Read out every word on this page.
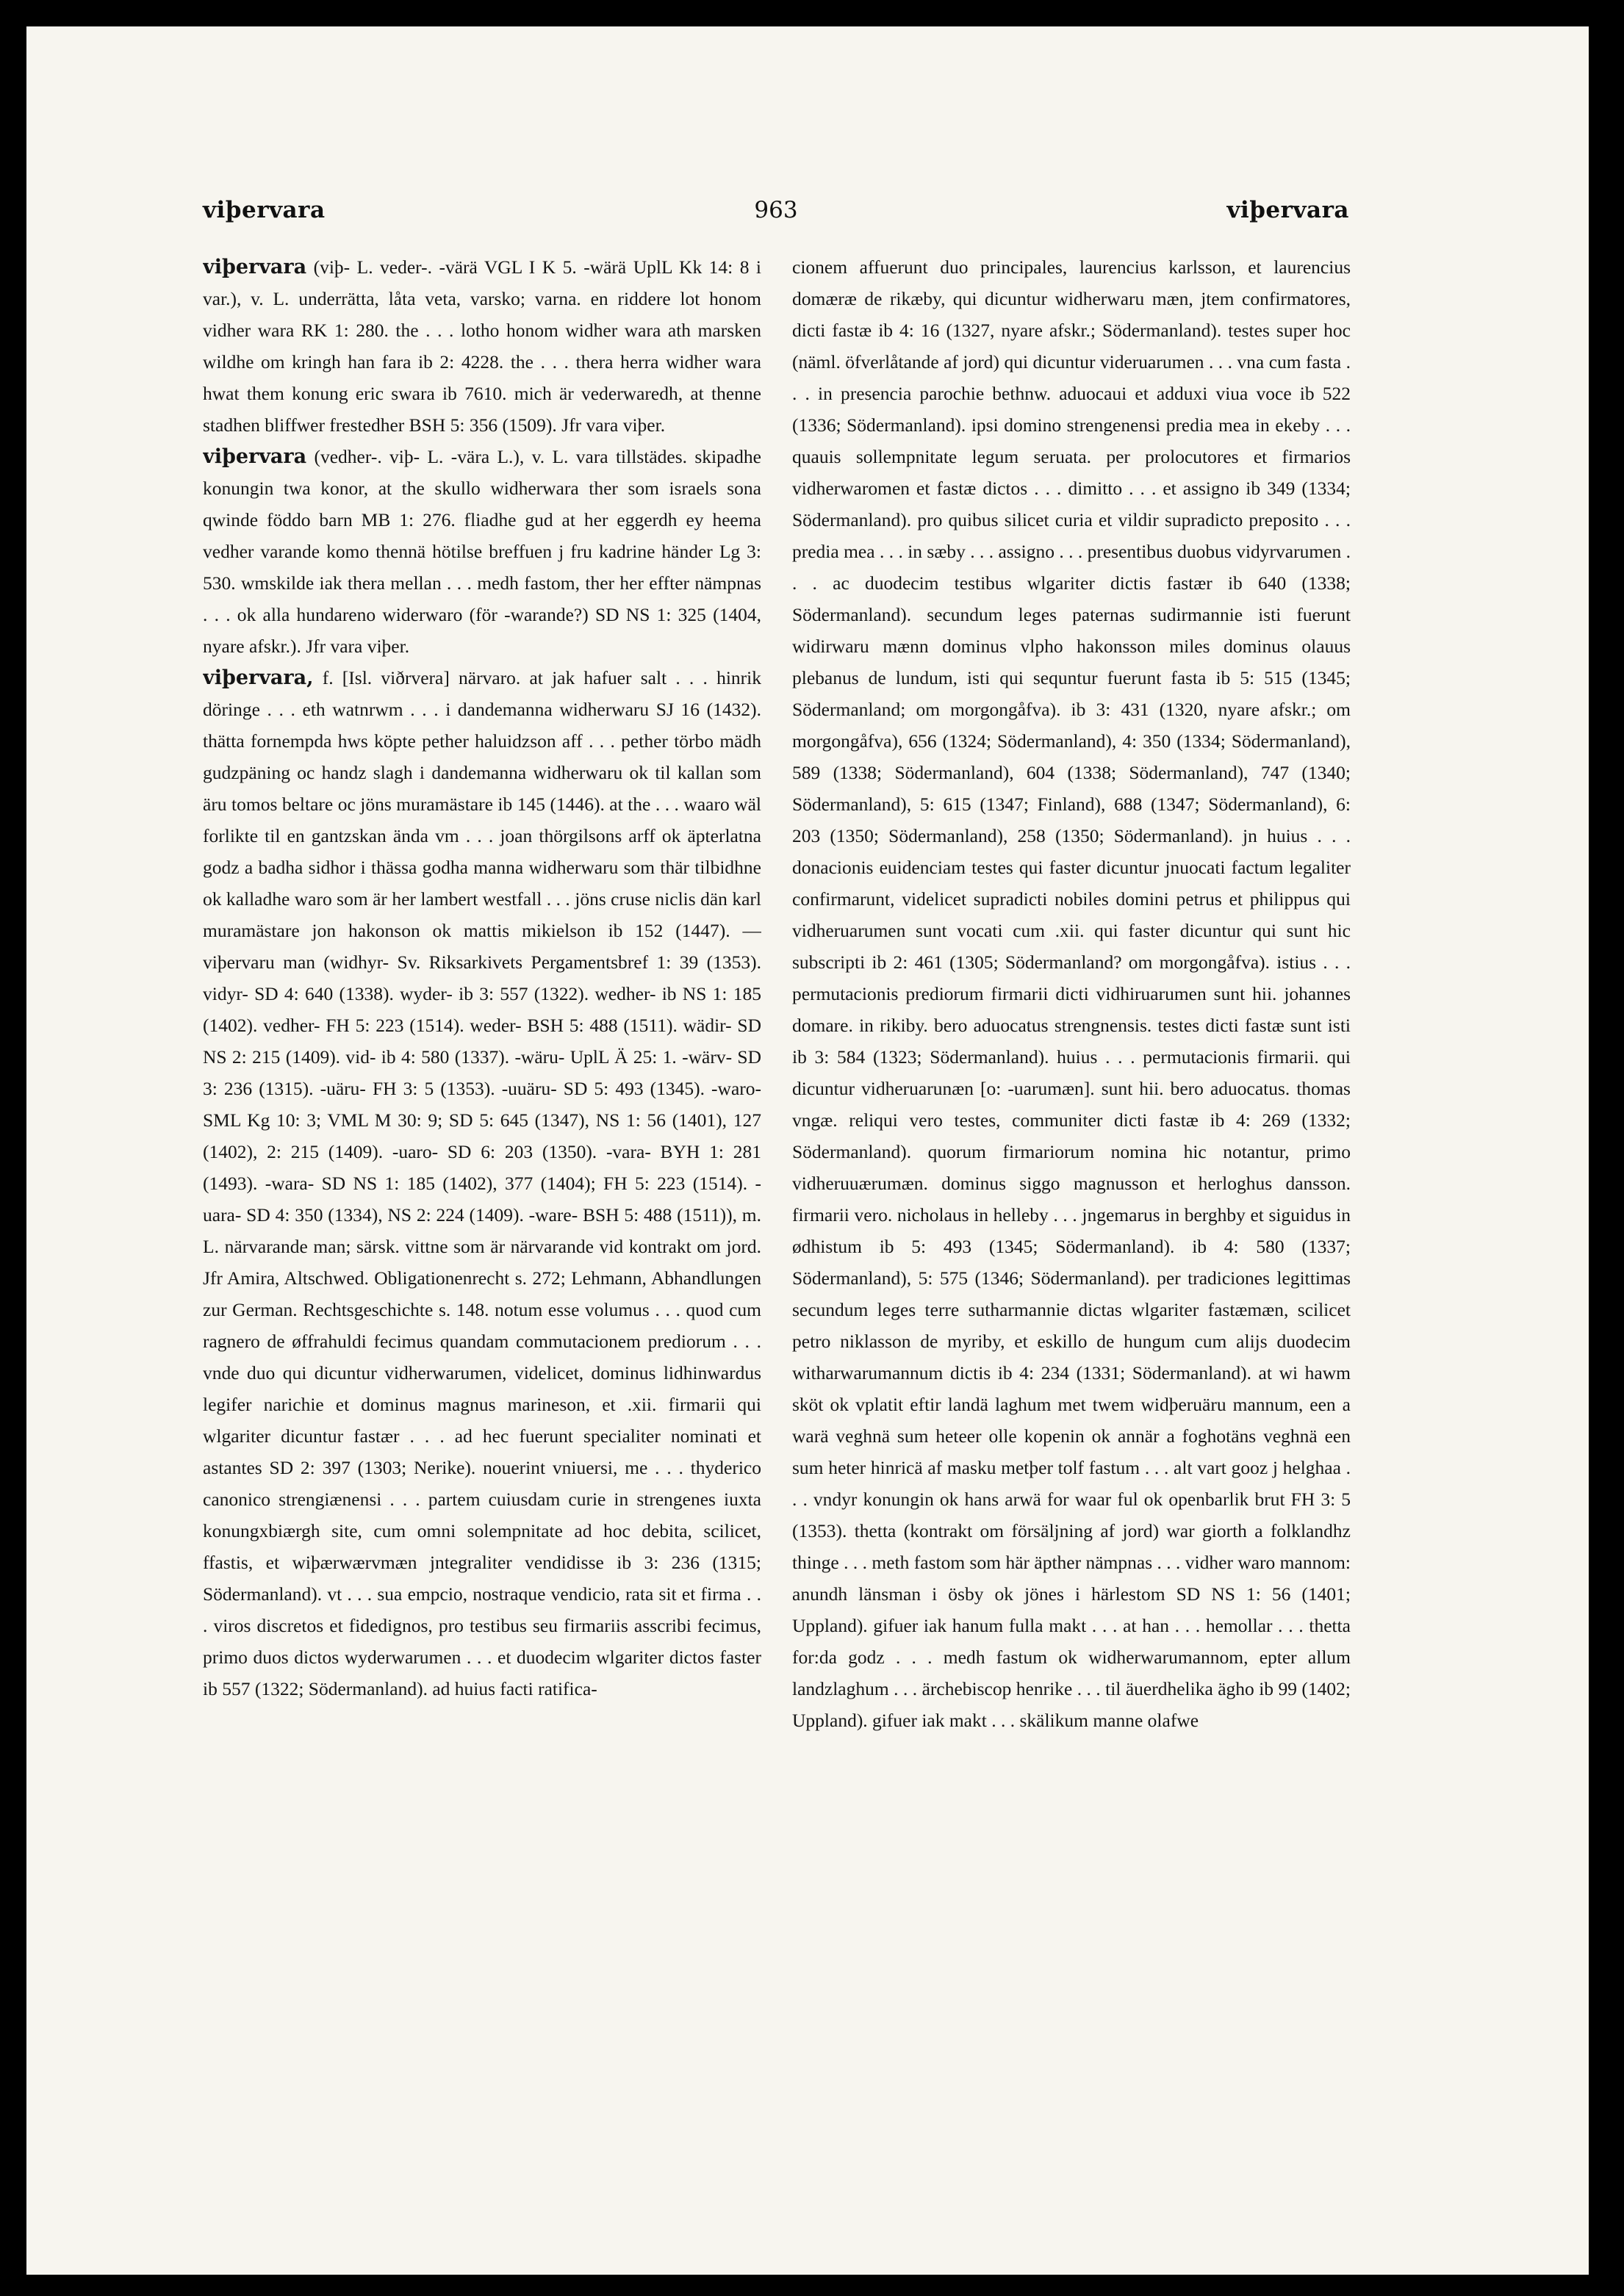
viþervara	963	viþervara

viþervara (viþ- L. veder-. -värä VGL I K 5. -wärä UplL Kk 14: 8 i var.), v. L. underrätta, låta veta, varsko; varna. en riddere lot honom vidher wara RK 1: 280. the . . . lotho honom widher wara ath marsken wildhe om kringh han fara ib 2: 4228. the . . . thera herra widher wara hwat them konung eric swara ib 7610. mich är vederwaredh, at thenne stadhen bliffwer frestedher BSH 5: 356 (1509). Jfr vara viþer.

viþervara (vedher-. viþ- L. -vära L.), v. L. vara tillstädes. skipadhe konungin twa konor, at the skullo widherwara ther som israels sona qwinde föddo barn MB 1: 276. fliadhe gud at her eggerdh ey heema vedher varande komo thennä hötilse breffuen j fru kadrine händer Lg 3: 530. wmskilde iak thera mellan . . . medh fastom, ther her effter nämpnas . . . ok alla hundareno widerwaro (för -warande?) SD NS 1: 325 (1404, nyare afskr.). Jfr vara viþer.

viþervara, f. [Isl. viðrvera] närvaro. at jak hafuer salt . . . hinrik döringe . . . eth watnrwm . . . i dandemanna widherwaru SJ 16 (1432). thätta fornempda hws köpte pether haluidzson aff . . . pether törbo mädh gudzpäning oc handz slagh i dandemanna widherwaru ok til kallan som äru tomos beltare oc jöns muramästare ib 145 (1446). at the . . . waaro wäl forlikte til en gantzskan ända vm . . . joan thörgilsons arff ok äpterlatna godz a badha sidhor i thässa godha manna widherwaru som thär tilbidhne ok kalladhe waro som är her lambert westfall . . . jöns cruse niclis dän karl muramästare jon hakonson ok mattis mikielson ib 152 (1447). — viþervaru man (widhyr- Sv. Riksarkivets Pergamentsbref 1: 39 (1353). vidyr- SD 4: 640 (1338). wyder- ib 3: 557 (1322). wedher- ib NS 1: 185 (1402). vedher- FH 5: 223 (1514). weder- BSH 5: 488 (1511). wädir- SD NS 2: 215 (1409). vid- ib 4: 580 (1337). -wäru- UplL Ä 25: 1. -wärv- SD 3: 236 (1315). -uäru- FH 3: 5 (1353). -uuäru- SD 5: 493 (1345). -waro- SML Kg 10: 3; VML M 30: 9; SD 5: 645 (1347), NS 1: 56 (1401), 127 (1402), 2: 215 (1409). -uaro- SD 6: 203 (1350). -vara- BYH 1: 281 (1493). -wara- SD NS 1: 185 (1402), 377 (1404); FH 5: 223 (1514). -uara- SD 4: 350 (1334), NS 2: 224 (1409). -ware- BSH 5: 488 (1511)), m. L. närvarande man; särsk. vittne som är närvarande vid kontrakt om jord. Jfr Amira, Altschwed. Obligationenrecht s. 272; Lehmann, Abhandlungen zur German. Rechtsgeschichte s. 148. notum esse volumus . . . quod cum ragnero de øffrahuldi fecimus quandam commutacionem prediorum . . . vnde duo qui dicuntur vidherwarumen, videlicet, dominus lidhinwardus legifer narichie et dominus magnus marineson, et .xii. firmarii qui wlgariter dicuntur fastær . . . ad hec fuerunt specialiter nominati et astantes SD 2: 397 (1303; Nerike). nouerint vniuersi, me . . . thyderico canonico strengiænensi . . . partem cuiusdam curie in strengenes iuxta konungxbiærgh site, cum omni solempnitate ad hoc debita, scilicet, ffastis, et wiþærwærvmæn jntegraliter vendidisse ib 3: 236 (1315; Södermanland). vt . . . sua empcio, nostraque vendicio, rata sit et firma . . . viros discretos et fidedignos, pro testibus seu firmariis asscribi fecimus, primo duos dictos wyderwarumen . . . et duodecim wlgariter dictos faster ib 557 (1322; Södermanland). ad huius facti ratifica-

cionem affuerunt duo principales, laurencius karlsson, et laurencius domæræ de rikæby, qui dicuntur widherwaru mæn, jtem confirmatores, dicti fastæ ib 4: 16 (1327, nyare afskr.; Södermanland). testes super hoc (näml. öfverlåtande af jord) qui dicuntur videruarumen . . . vna cum fasta . . . in presencia parochie bethnw. aduocaui et adduxi viua voce ib 522 (1336; Södermanland). ipsi domino strengenensi predia mea in ekeby . . . quauis sollempnitate legum seruata. per prolocutores et firmarios vidherwaromen et fastæ dictos . . . dimitto . . . et assigno ib 349 (1334; Södermanland). pro quibus silicet curia et vildir supradicto preposito . . . predia mea . . . in sæby . . . assigno . . . presentibus duobus vidyrvarumen . . . ac duodecim testibus wlgariter dictis fastær ib 640 (1338; Södermanland). secundum leges paternas sudirmannie isti fuerunt widirwaru mænn dominus vlpho hakonsson miles dominus olauus plebanus de lundum, isti qui sequntur fuerunt fasta ib 5: 515 (1345; Södermanland; om morgongåfva). ib 3: 431 (1320, nyare afskr.; om morgongåfva), 656 (1324; Södermanland), 4: 350 (1334; Södermanland), 589 (1338; Södermanland), 604 (1338; Södermanland), 747 (1340; Södermanland), 5: 615 (1347; Finland), 688 (1347; Södermanland), 6: 203 (1350; Södermanland), 258 (1350; Södermanland). jn huius . . . donacionis euidenciam testes qui faster dicuntur jnuocati factum legaliter confirmarunt, videlicet supradicti nobiles domini petrus et philippus qui vidheruarumen sunt vocati cum .xii. qui faster dicuntur qui sunt hic subscripti ib 2: 461 (1305; Södermanland? om morgongåfva). istius . . . permutacionis prediorum firmarii dicti vidhiruarumen sunt hii. johannes domare. in rikiby. bero aduocatus strengnensis. testes dicti fastæ sunt isti ib 3: 584 (1323; Södermanland). huius . . . permutacionis firmarii. qui dicuntur vidheruarunæn [o: -uarumæn]. sunt hii. bero aduocatus. thomas vngæ. reliqui vero testes, communiter dicti fastæ ib 4: 269 (1332; Södermanland). quorum firmariorum nomina hic notantur, primo vidheruuærumæn. dominus siggo magnusson et herloghus dansson. firmarii vero. nicholaus in helleby . . . jngemarus in berghby et siguidus in ødhistum ib 5: 493 (1345; Södermanland). ib 4: 580 (1337; Södermanland), 5: 575 (1346; Södermanland). per tradiciones legittimas secundum leges terre sutharmannie dictas wlgariter fastæmæn, scilicet petro niklasson de myriby, et eskillo de hungum cum alijs duodecim witharwarumannum dictis ib 4: 234 (1331; Södermanland). at wi hawm sköt ok vplatit eftir landä laghum met twem widþeruäru mannum, een a warä veghnä sum heteer olle kopenin ok annär a foghotäns veghnä een sum heter hinricä af masku metþer tolf fastum . . . alt vart gooz j helghaa . . . vndyr konungin ok hans arwä for waar ful ok openbarlik brut FH 3: 5 (1353). thetta (kontrakt om försäljning af jord) war giorth a folklandhz thinge . . . meth fastom som här äpther nämpnas . . . vidher waro mannom: anundh länsman i ösby ok jönes i härlestom SD NS 1: 56 (1401; Uppland). gifuer iak hanum fulla makt . . . at han . . . hemollar . . . thetta for:da godz . . . medh fastum ok widherwarumannom, epter allum landzlaghum . . . ärchebiscop henrike . . . til äuerdhelika ägho ib 99 (1402; Uppland). gifuer iak makt . . . skälikum manne olafwe
